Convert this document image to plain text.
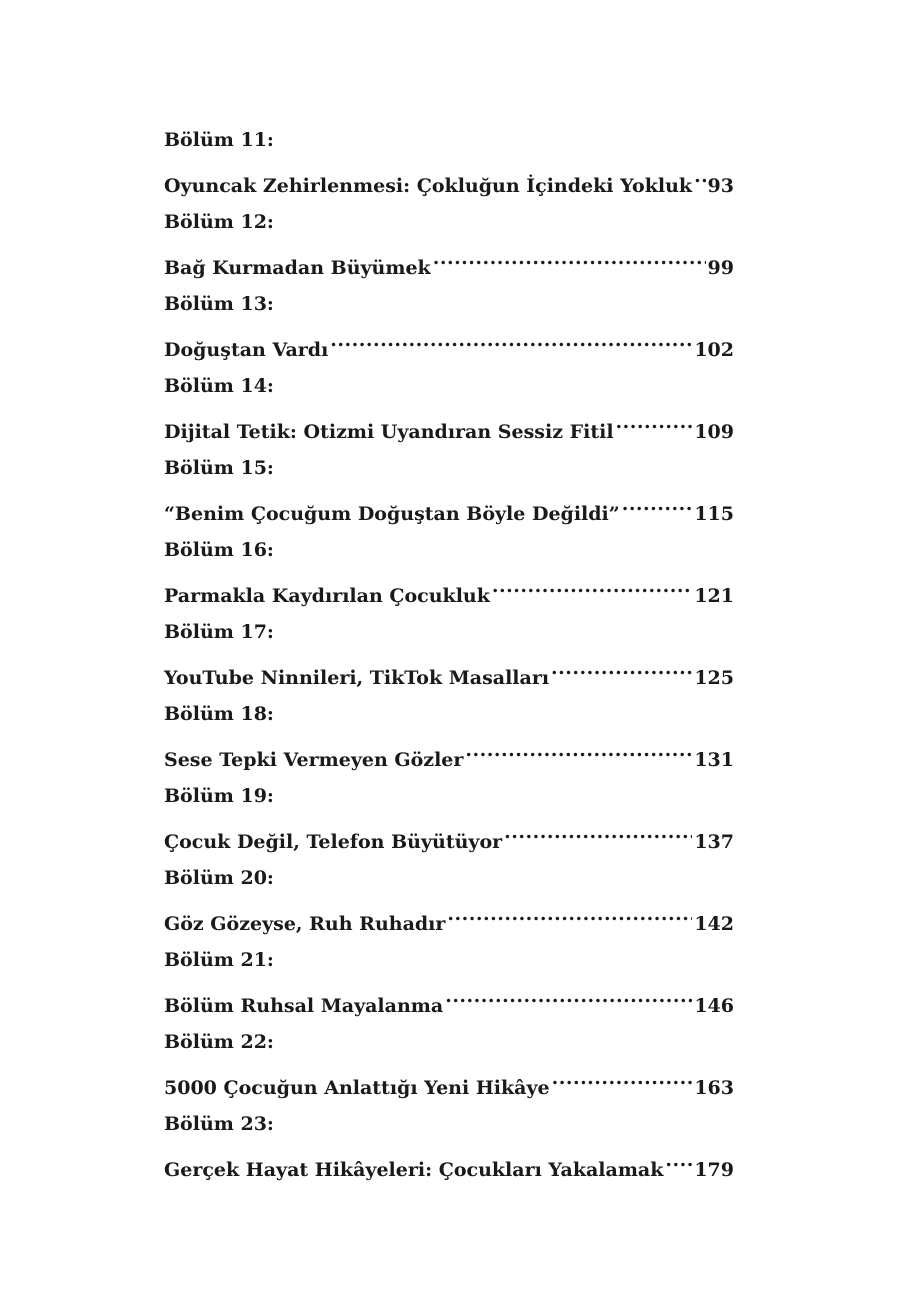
Bölüm 11:
Oyuncak Zehirlenmesi: Çokluğun İçindeki Yokluk ..... 93
Bölüm 12:
Bağ Kurmadan Büyümek .....	99
Bölüm 13:
Doğuştan Vardı .....	102
Bölüm 14:
Dijital Tetik: Otizmi Uyandıran Sessiz Fitil .....	109
Bölüm 15:
“Benim Çocuğum Doğuştan Böyle Değildi” .....	115
Bölüm 16:
Parmakla Kaydırılan Çocukluk .....	121
Bölüm 17:
YouTube Ninnileri, TikTok Masalları .....	125
Bölüm 18:
Sese Tepki Vermeyen Gözler .....	131
Bölüm 19:
Çocuk Değil, Telefon Büyütüyor .....	137
Bölüm 20:
Göz Gözeyse, Ruh Ruhadır .....	142
Bölüm 21:
Bölüm Ruhsal Mayalanma .....	146
Bölüm 22:
5000 Çocuğun Anlattığı Yeni Hikâye .....	163
Bölüm 23:
Gerçek Hayat Hikâyeleri: Çocukları Yakalamak ..... 179
